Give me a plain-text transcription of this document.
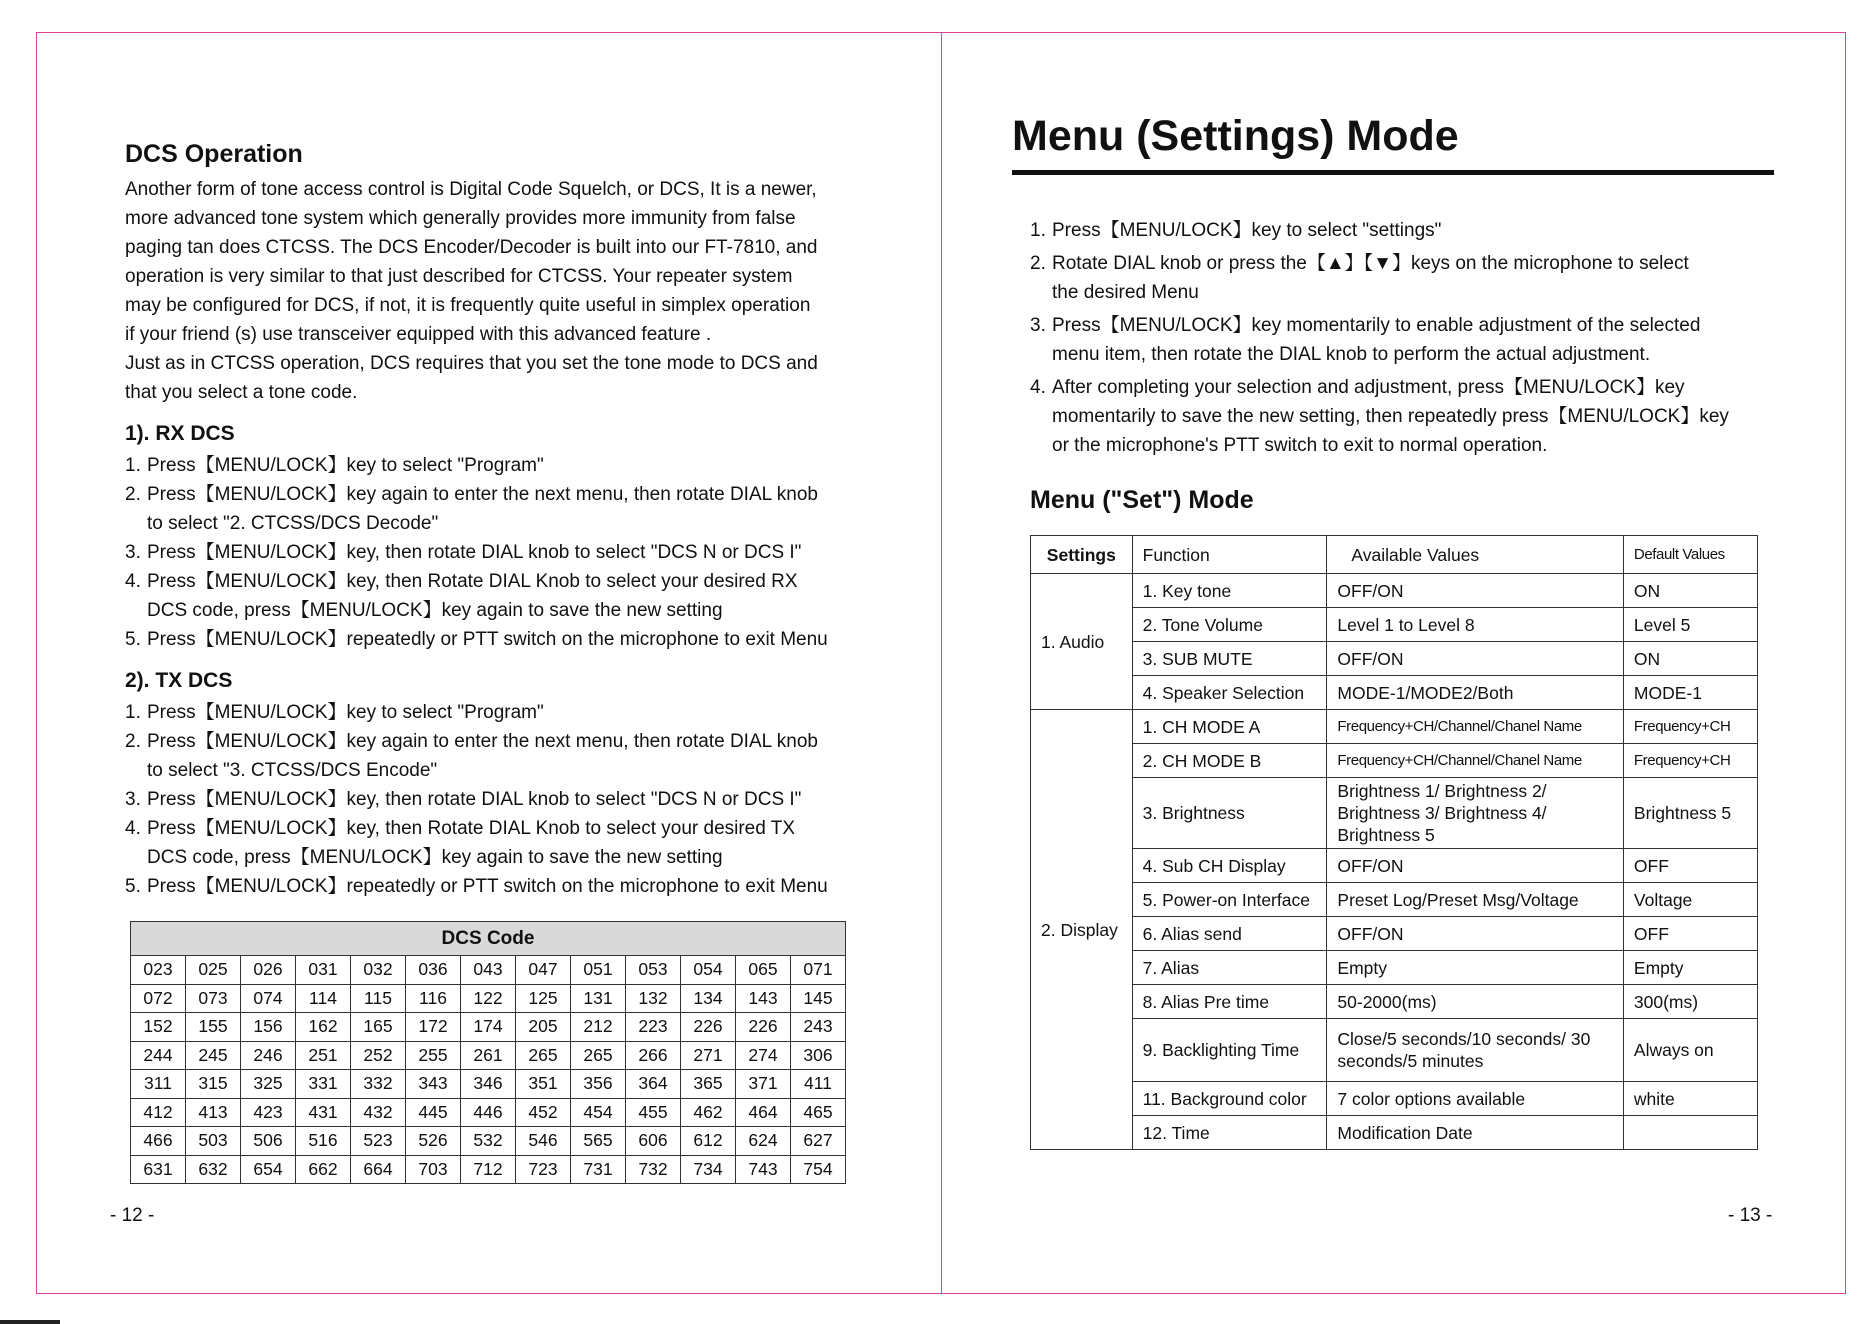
DCS Operation
Another form of tone access control is Digital Code Squelch, or DCS, It is a newer,
more advanced tone system which generally provides more immunity from false
paging tan does CTCSS. The DCS Encoder/Decoder is built into our FT-7810, and
operation is very similar to that just described for CTCSS. Your repeater system
may be configured for DCS, if not, it is frequently quite useful in simplex operation
if your friend (s) use transceiver equipped with this advanced feature .
Just as in CTCSS operation, DCS requires that you set the tone mode to DCS and
that you select a tone code.
1). RX DCS
1. Press【MENU/LOCK】key to select "Program"
2. Press【MENU/LOCK】key again to enter the next menu, then rotate DIAL knob
to select "2. CTCSS/DCS Decode"
3. Press【MENU/LOCK】key, then rotate DIAL knob to select "DCS N or DCS I"
4. Press【MENU/LOCK】key, then Rotate DIAL Knob to select your desired RX
DCS code, press【MENU/LOCK】key again to save the new setting
5. Press【MENU/LOCK】repeatedly or PTT switch on the microphone to exit Menu
2). TX DCS
1. Press【MENU/LOCK】key to select "Program"
2. Press【MENU/LOCK】key again to enter the next menu, then rotate DIAL knob
to select "3. CTCSS/DCS Encode"
3. Press【MENU/LOCK】key, then rotate DIAL knob to select "DCS N or DCS I"
4. Press【MENU/LOCK】key, then Rotate DIAL Knob to select your desired TX
DCS code, press【MENU/LOCK】key again to save the new setting
5. Press【MENU/LOCK】repeatedly or PTT switch on the microphone to exit Menu
DCS Code												
023	025	026	031	032	036	043	047	051	053	054	065	071
072	073	074	114	115	116	122	125	131	132	134	143	145
152	155	156	162	165	172	174	205	212	223	226	226	243
244	245	246	251	252	255	261	265	265	266	271	274	306
311	315	325	331	332	343	346	351	356	364	365	371	411
412	413	423	431	432	445	446	452	454	455	462	464	465
466	503	506	516	523	526	532	546	565	606	612	624	627
631	632	654	662	664	703	712	723	731	732	734	743	754
- 12 -
Menu (Settings) Mode
1. Press【MENU/LOCK】key to select "settings"
2. Rotate DIAL knob or press the【▲】【▼】keys on the microphone to select
the desired Menu
3. Press【MENU/LOCK】key momentarily to enable adjustment of the selected
menu item, then rotate the DIAL knob to perform the actual adjustment.
4. After completing your selection and adjustment, press【MENU/LOCK】key
momentarily to save the new setting, then repeatedly press【MENU/LOCK】key
or the microphone's PTT switch to exit to normal operation.
Menu ("Set") Mode
Settings	Function	Available Values	Default Values
1. Audio	1. Key tone	OFF/ON	ON
	2. Tone Volume	Level 1 to Level 8	Level 5
	3. SUB MUTE	OFF/ON	ON
	4. Speaker Selection	MODE-1/MODE2/Both	MODE-1
2. Display	1. CH MODE A	Frequency+CH/Channel/Chanel Name	Frequency+CH
	2. CH MODE B	Frequency+CH/Channel/Chanel Name	Frequency+CH
	3. Brightness	Brightness 1/ Brightness 2/ Brightness 3/ Brightness 4/ Brightness 5	Brightness 5
	4. Sub CH Display	OFF/ON	OFF
	5. Power-on Interface	Preset Log/Preset Msg/Voltage	Voltage
	6. Alias send	OFF/ON	OFF
	7. Alias	Empty	Empty
	8. Alias Pre time	50-2000(ms)	300(ms)
	9. Backlighting Time	Close/5 seconds/10 seconds/ 30 seconds/5 minutes	Always on
	11. Background color	7 color options available	white
	12. Time	Modification Date	
- 13 -
